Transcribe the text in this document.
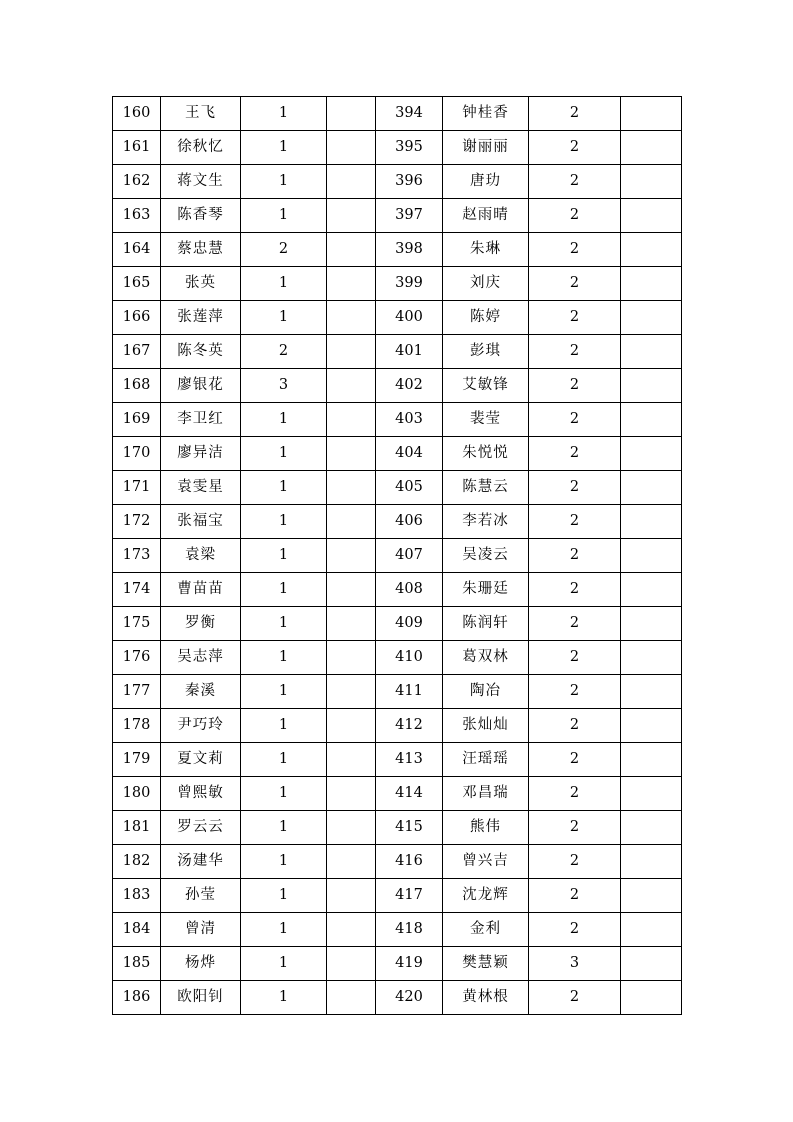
160	王飞	1		394	钟桂香	2	
161	徐秋忆	1		395	谢丽丽	2	
162	蒋文生	1		396	唐玏	2	
163	陈香琴	1		397	赵雨晴	2	
164	蔡忠慧	2		398	朱琳	2	
165	张英	1		399	刘庆	2	
166	张莲萍	1		400	陈婷	2	
167	陈冬英	2		401	彭琪	2	
168	廖银花	3		402	艾敏锋	2	
169	李卫红	1		403	裴莹	2	
170	廖异洁	1		404	朱悦悦	2	
171	袁雯星	1		405	陈慧云	2	
172	张福宝	1		406	李若冰	2	
173	袁梁	1		407	吴凌云	2	
174	曹苗苗	1		408	朱珊廷	2	
175	罗衡	1		409	陈润轩	2	
176	吴志萍	1		410	葛双林	2	
177	秦溪	1		411	陶冶	2	
178	尹巧玲	1		412	张灿灿	2	
179	夏文莉	1		413	汪瑶瑶	2	
180	曾熙敏	1		414	邓昌瑞	2	
181	罗云云	1		415	熊伟	2	
182	汤建华	1		416	曾兴吉	2	
183	孙莹	1		417	沈龙辉	2	
184	曾清	1		418	金利	2	
185	杨烨	1		419	樊慧颖	3	
186	欧阳钊	1		420	黄林根	2	
